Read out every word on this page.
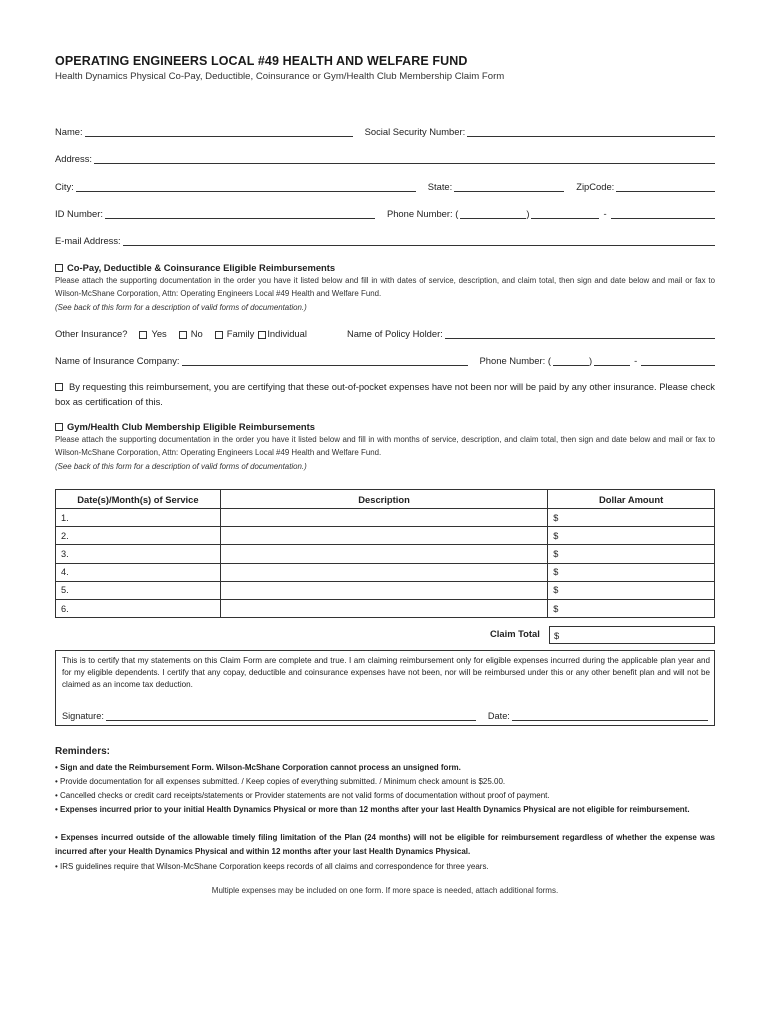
OPERATING ENGINEERS LOCAL #49 HEALTH AND WELFARE FUND
Health Dynamics Physical Co-Pay, Deductible, Coinsurance or Gym/Health Club Membership Claim Form
Name:	Social Security Number:
Address:
City:	State:	ZipCode:
ID Number:	Phone Number: (	)	-
E-mail Address:
Co-Pay, Deductible & Coinsurance Eligible Reimbursements
Please attach the supporting documentation in the order you have it listed below and fill in with dates of service, description, and claim total, then sign and date below and mail or fax to Wilson-McShane Corporation, Attn: Operating Engineers Local #49 Health and Welfare Fund.
(See back of this form for a description of valid forms of documentation.)
Other Insurance?	Yes	No	Family	Individual	Name of Policy Holder:
Name of Insurance Company:	Phone Number: (	)	-
By requesting this reimbursement, you are certifying that these out-of-pocket expenses have not been nor will be paid by any other insurance. Please check box as certification of this.
Gym/Health Club Membership Eligible Reimbursements
Please attach the supporting documentation in the order you have it listed below and fill in with months of service, description, and claim total, then sign and date below and mail or fax to Wilson-McShane Corporation, Attn: Operating Engineers Local #49 Health and Welfare Fund.
(See back of this form for a description of valid forms of documentation.)
Date(s)/Month(s) of Service	Description	Dollar Amount
1.		$
2.		$
3.		$
4.		$
5.		$
6.		$
Claim Total	$
This is to certify that my statements on this Claim Form are complete and true. I am claiming reimbursement only for eligible expenses incurred during the applicable plan year and for my eligible dependents. I certify that any copay, deductible and coinsurance expenses have not been, nor will be reimbursed under this or any other benefit plan and will not be claimed as an income tax deduction.
Signature:	Date:
Reminders:
• Sign and date the Reimbursement Form. Wilson-McShane Corporation cannot process an unsigned form.
• Provide documentation for all expenses submitted. / Keep copies of everything submitted. / Minimum check amount is $25.00.
• Cancelled checks or credit card receipts/statements or Provider statements are not valid forms of documentation without proof of payment.
• Expenses incurred prior to your initial Health Dynamics Physical or more than 12 months after your last Health Dynamics Physical are not eligible for reimbursement.
• Expenses incurred outside of the allowable timely filing limitation of the Plan (24 months) will not be eligible for reimbursement regardless of whether the expense was incurred after your Health Dynamics Physical and within 12 months after your last Health Dynamics Physical.
• IRS guidelines require that Wilson-McShane Corporation keeps records of all claims and correspondence for three years.
Multiple expenses may be included on one form. If more space is needed, attach additional forms.
